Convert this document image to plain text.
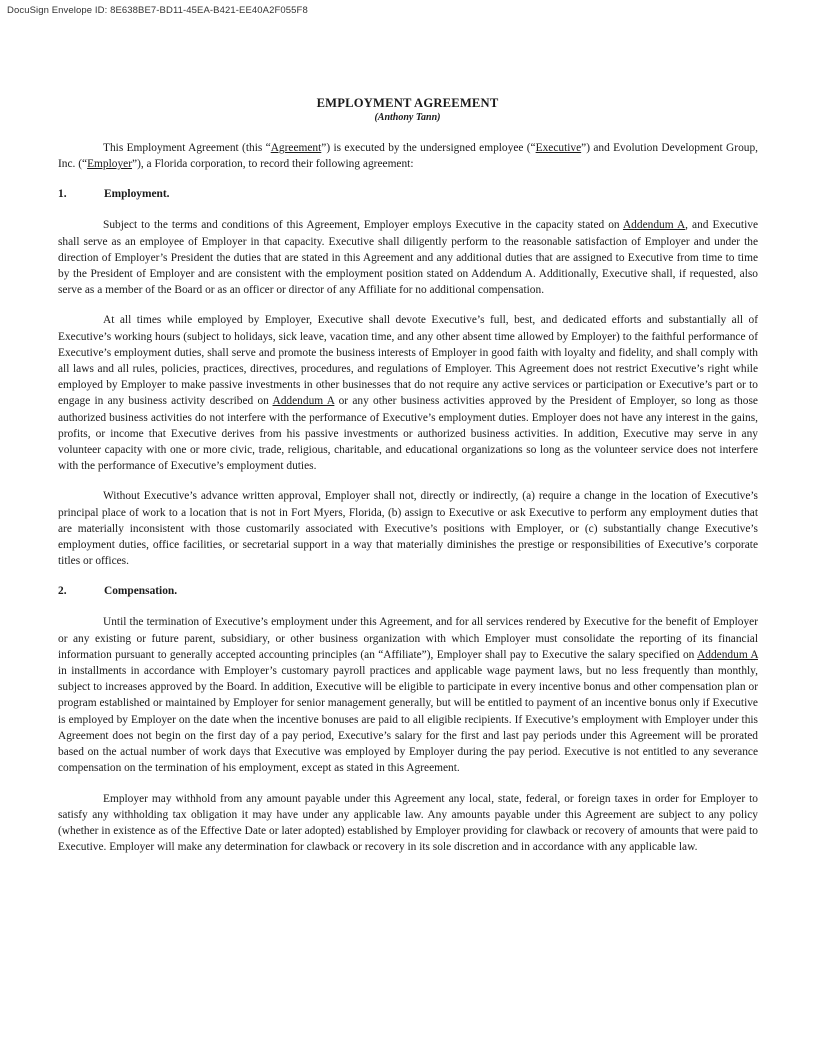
DocuSign Envelope ID: 8E638BE7-BD11-45EA-B421-EE40A2F055F8
EMPLOYMENT AGREEMENT
(Anthony Tann)

This Employment Agreement (this “Agreement”) is executed by the undersigned employee (“Executive”) and Evolution Development Group, Inc. (“Employer”), a Florida corporation, to record their following agreement:

1.	Employment.

Subject to the terms and conditions of this Agreement, Employer employs Executive in the capacity stated on Addendum A, and Executive shall serve as an employee of Employer in that capacity. Executive shall diligently perform to the reasonable satisfaction of Employer and under the direction of Employer’s President the duties that are stated in this Agreement and any additional duties that are assigned to Executive from time to time by the President of Employer and are consistent with the employment position stated on Addendum A. Additionally, Executive shall, if requested, also serve as a member of the Board or as an officer or director of any Affiliate for no additional compensation.

At all times while employed by Employer, Executive shall devote Executive’s full, best, and dedicated efforts and substantially all of Executive’s working hours (subject to holidays, sick leave, vacation time, and any other absent time allowed by Employer) to the faithful performance of Executive’s employment duties, shall serve and promote the business interests of Employer in good faith with loyalty and fidelity, and shall comply with all laws and all rules, policies, practices, directives, procedures, and regulations of Employer. This Agreement does not restrict Executive’s right while employed by Employer to make passive investments in other businesses that do not require any active services or participation or Executive’s part or to engage in any business activity described on Addendum A or any other business activities approved by the President of Employer, so long as those authorized business activities do not interfere with the performance of Executive’s employment duties. Employer does not have any interest in the gains, profits, or income that Executive derives from his passive investments or authorized business activities. In addition, Executive may serve in any volunteer capacity with one or more civic, trade, religious, charitable, and educational organizations so long as the volunteer service does not interfere with the performance of Executive’s employment duties.

Without Executive’s advance written approval, Employer shall not, directly or indirectly, (a) require a change in the location of Executive’s principal place of work to a location that is not in Fort Myers, Florida, (b) assign to Executive or ask Executive to perform any employment duties that are materially inconsistent with those customarily associated with Executive’s positions with Employer, or (c) substantially change Executive’s employment duties, office facilities, or secretarial support in a way that materially diminishes the prestige or responsibilities of Executive’s corporate titles or offices.

2.	Compensation.

Until the termination of Executive’s employment under this Agreement, and for all services rendered by Executive for the benefit of Employer or any existing or future parent, subsidiary, or other business organization with which Employer must consolidate the reporting of its financial information pursuant to generally accepted accounting principles (an “Affiliate”), Employer shall pay to Executive the salary specified on Addendum A in installments in accordance with Employer’s customary payroll practices and applicable wage payment laws, but no less frequently than monthly, subject to increases approved by the Board. In addition, Executive will be eligible to participate in every incentive bonus and other compensation plan or program established or maintained by Employer for senior management generally, but will be entitled to payment of an incentive bonus only if Executive is employed by Employer on the date when the incentive bonuses are paid to all eligible recipients. If Executive’s employment with Employer under this Agreement does not begin on the first day of a pay period, Executive’s salary for the first and last pay periods under this Agreement will be prorated based on the actual number of work days that Executive was employed by Employer during the pay period. Executive is not entitled to any severance compensation on the termination of his employment, except as stated in this Agreement.

Employer may withhold from any amount payable under this Agreement any local, state, federal, or foreign taxes in order for Employer to satisfy any withholding tax obligation it may have under any applicable law. Any amounts payable under this Agreement are subject to any policy (whether in existence as of the Effective Date or later adopted) established by Employer providing for clawback or recovery of amounts that were paid to Executive. Employer will make any determination for clawback or recovery in its sole discretion and in accordance with any applicable law.
